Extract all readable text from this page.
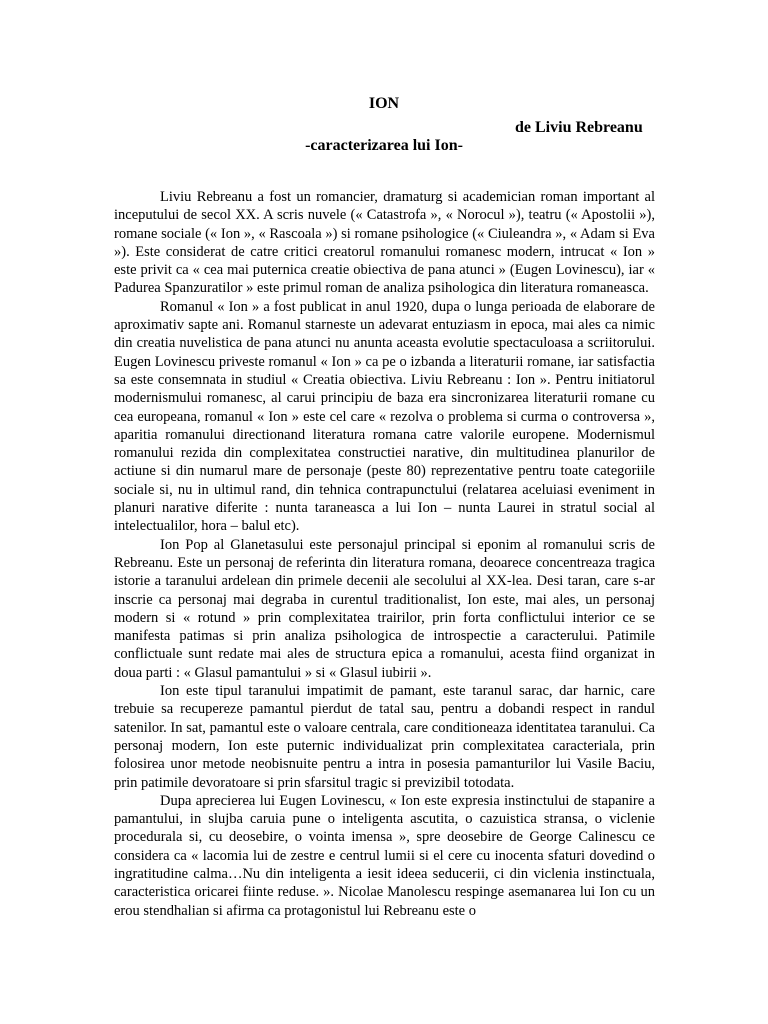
ION
de Liviu Rebreanu
-caracterizarea lui Ion-

Liviu Rebreanu a fost un romancier, dramaturg si academician roman important al inceputului de secol XX. A scris nuvele (« Catastrofa », « Norocul »), teatru (« Apostolii »), romane sociale (« Ion », « Rascoala ») si romane psihologice (« Ciuleandra », « Adam si Eva »). Este considerat de catre critici creatorul romanului romanesc modern, intrucat « Ion » este privit ca « cea mai puternica creatie obiectiva de pana atunci » (Eugen Lovinescu), iar « Padurea Spanzuratilor » este primul roman de analiza psihologica din literatura romaneasca.

Romanul « Ion » a fost publicat in anul 1920, dupa o lunga perioada de elaborare de aproximativ sapte ani. Romanul starneste un adevarat entuziasm in epoca, mai ales ca nimic din creatia nuvelistica de pana atunci nu anunta aceasta evolutie spectaculoasa a scriitorului. Eugen Lovinescu priveste romanul « Ion » ca pe o izbanda a literaturii romane, iar satisfactia sa este consemnata in studiul « Creatia obiectiva. Liviu Rebreanu : Ion ». Pentru initiatorul modernismului romanesc, al carui principiu de baza era sincronizarea literaturii romane cu cea europeana, romanul « Ion » este cel care « rezolva o problema si curma o controversa », aparitia romanului directionand literatura romana catre valorile europene. Modernismul romanului rezida din complexitatea constructiei narative, din multitudinea planurilor de actiune si din numarul mare de personaje (peste 80) reprezentative pentru toate categoriile sociale si, nu in ultimul rand, din tehnica contrapunctului (relatarea aceluiasi eveniment in planuri narative diferite : nunta taraneasca a lui Ion – nunta Laurei in stratul social al intelectualilor, hora – balul etc).

Ion Pop al Glanetasului este personajul principal si eponim al romanului scris de Rebreanu. Este un personaj de referinta din literatura romana, deoarece concentreaza tragica istorie a taranului ardelean din primele decenii ale secolului al XX-lea. Desi taran, care s-ar inscrie ca personaj mai degraba in curentul traditionalist, Ion este, mai ales, un personaj modern si « rotund » prin complexitatea trairilor, prin forta conflictului interior ce se manifesta patimas si prin analiza psihologica de introspectie a caracterului. Patimile conflictuale sunt redate mai ales de structura epica a romanului, acesta fiind organizat in doua parti : « Glasul pamantului » si « Glasul iubirii ».

Ion este tipul taranului impatimit de pamant, este taranul sarac, dar harnic, care trebuie sa recupereze pamantul pierdut de tatal sau, pentru a dobandi respect in randul satenilor. In sat, pamantul este o valoare centrala, care conditioneaza identitatea taranului. Ca personaj modern, Ion este puternic individualizat prin complexitatea caracteriala, prin folosirea unor metode neobisnuite pentru a intra in posesia pamanturilor lui Vasile Baciu, prin patimile devoratoare si prin sfarsitul tragic si previzibil totodata.

Dupa aprecierea lui Eugen Lovinescu, « Ion este expresia instinctului de stapanire a pamantului, in slujba caruia pune o inteligenta ascutita, o cazuistica stransa, o viclenie procedurala si, cu deosebire, o vointa imensa », spre deosebire de George Calinescu ce considera ca « lacomia lui de zestre e centrul lumii si el cere cu inocenta sfaturi dovedind o ingratitudine calma…Nu din inteligenta a iesit ideea seducerii, ci din viclenia instinctuala, caracteristica oricarei fiinte reduse. ». Nicolae Manolescu respinge asemanarea lui Ion cu un erou stendhalian si afirma ca protagonistul lui Rebreanu este o
